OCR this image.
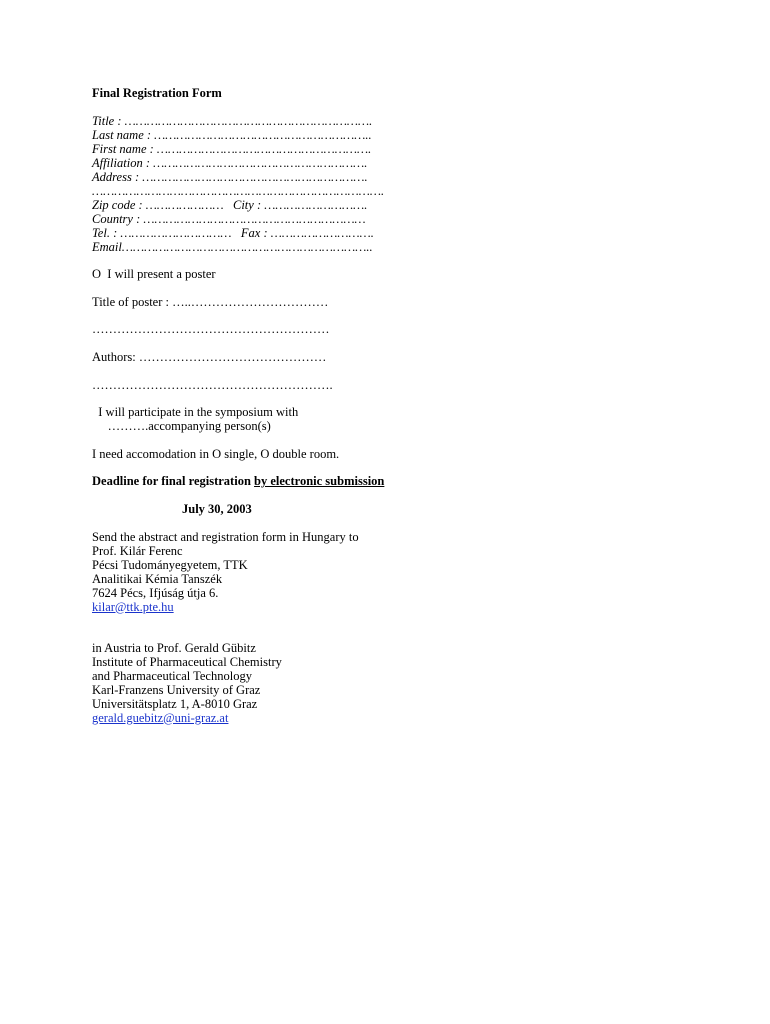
Final Registration Form
Title : ………………………………………………………….
Last name : …………………………………………………..
First name : ………………………………………………….
Affiliation : ………………………………………………….
Address : …………………………………………………….
…………………………………………………………………….
Zip code : …………………   City : ……………………….
Country : ……………………………………………………
Tel. : …………………………   Fax : ……………………….
Email…………………………………………………………..
O  I will present a poster
Title of poster : …..……………………………
…………………………………………………
Authors: ………………………………………
………………………………………………….
I will participate in the symposium with
……….accompanying person(s)
I need accomodation in O single, O double room.
Deadline for final registration by electronic submission
July 30, 2003
Send the abstract and registration form in Hungary to
Prof. Kilár Ferenc
Pécsi Tudományegyetem, TTK
Analitikai Kémia Tanszék
7624 Pécs, Ifjúság útja 6.
kilar@ttk.pte.hu
in Austria to Prof. Gerald Gübitz
Institute of Pharmaceutical Chemistry
and Pharmaceutical Technology
Karl-Franzens University of Graz
Universitätsplatz 1, A-8010 Graz
gerald.guebitz@uni-graz.at
